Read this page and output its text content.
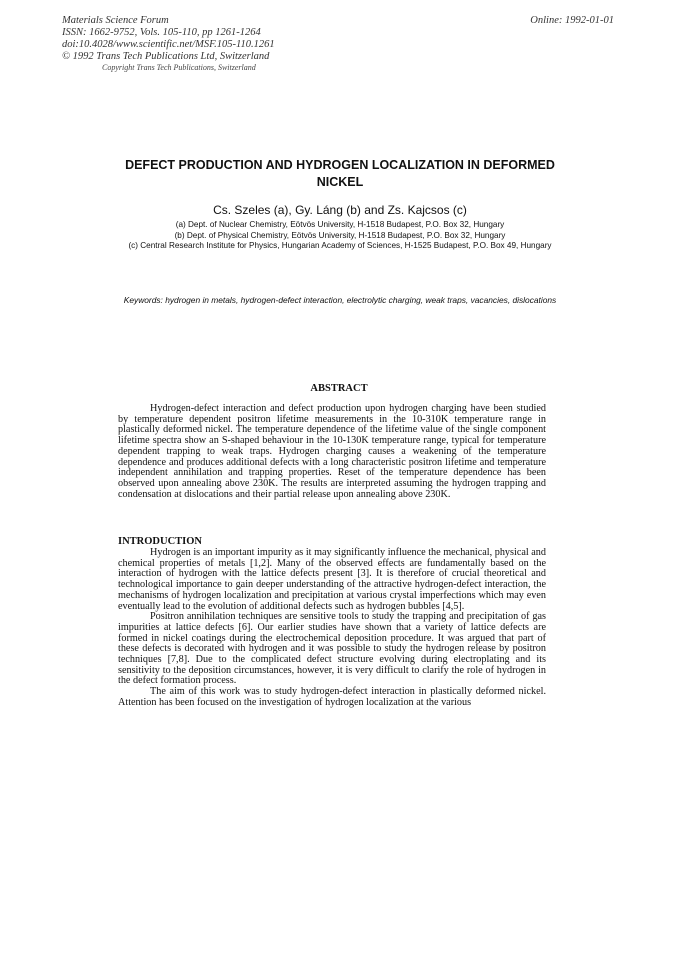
Materials Science Forum
ISSN: 1662-9752, Vols. 105-110, pp 1261-1264
doi:10.4028/www.scientific.net/MSF.105-110.1261
© 1992 Trans Tech Publications Ltd, Switzerland
Copyright Trans Tech Publications, Switzerland
Online: 1992-01-01
DEFECT PRODUCTION AND HYDROGEN LOCALIZATION IN DEFORMED NICKEL
Cs. Szeles (a), Gy. Láng (b) and Zs. Kajcsos (c)
(a) Dept. of Nuclear Chemistry, Eötvös University, H-1518 Budapest, P.O. Box 32, Hungary
(b) Dept. of Physical Chemistry, Eötvös University, H-1518 Budapest, P.O. Box 32, Hungary
(c) Central Research Institute for Physics, Hungarian Academy of Sciences, H-1525 Budapest, P.O. Box 49, Hungary
Keywords: hydrogen in metals, hydrogen-defect interaction, electrolytic charging, weak traps, vacancies, dislocations
ABSTRACT

Hydrogen-defect interaction and defect production upon hydrogen charging have been studied by temperature dependent positron lifetime measurements in the 10-310K temperature range in plastically deformed nickel. The temperature dependence of the lifetime value of the single component lifetime spectra show an S-shaped behaviour in the 10-130K temperature range, typical for temperature dependent trapping to weak traps. Hydrogen charging causes a weakening of the temperature dependence and produces additional defects with a long characteristic positron lifetime and temperature independent annihilation and trapping properties. Reset of the temperature dependence has been observed upon annealing above 230K. The results are interpreted assuming the hydrogen trapping and condensation at dislocations and their partial release upon annealing above 230K.

INTRODUCTION

Hydrogen is an important impurity as it may significantly influence the mechanical, physical and chemical properties of metals [1,2]. Many of the observed effects are fundamentally based on the interaction of hydrogen with the lattice defects present [3]. It is therefore of crucial theoretical and technological importance to gain deeper understanding of the attractive hydrogen-defect interaction, the mechanisms of hydrogen localization and precipitation at various crystal imperfections which may even eventually lead to the evolution of additional defects such as hydrogen bubbles [4,5].

Positron annihilation techniques are sensitive tools to study the trapping and precipitation of gas impurities at lattice defects [6]. Our earlier studies have shown that a variety of lattice defects are formed in nickel coatings during the electrochemical deposition procedure. It was argued that part of these defects is decorated with hydrogen and it was possible to study the hydrogen release by positron techniques [7,8]. Due to the complicated defect structure evolving during electroplating and its sensitivity to the deposition circumstances, however, it is very difficult to clarify the role of hydrogen in the defect formation process.

The aim of this work was to study hydrogen-defect interaction in plastically deformed nickel. Attention has been focused on the investigation of hydrogen localization at the various
